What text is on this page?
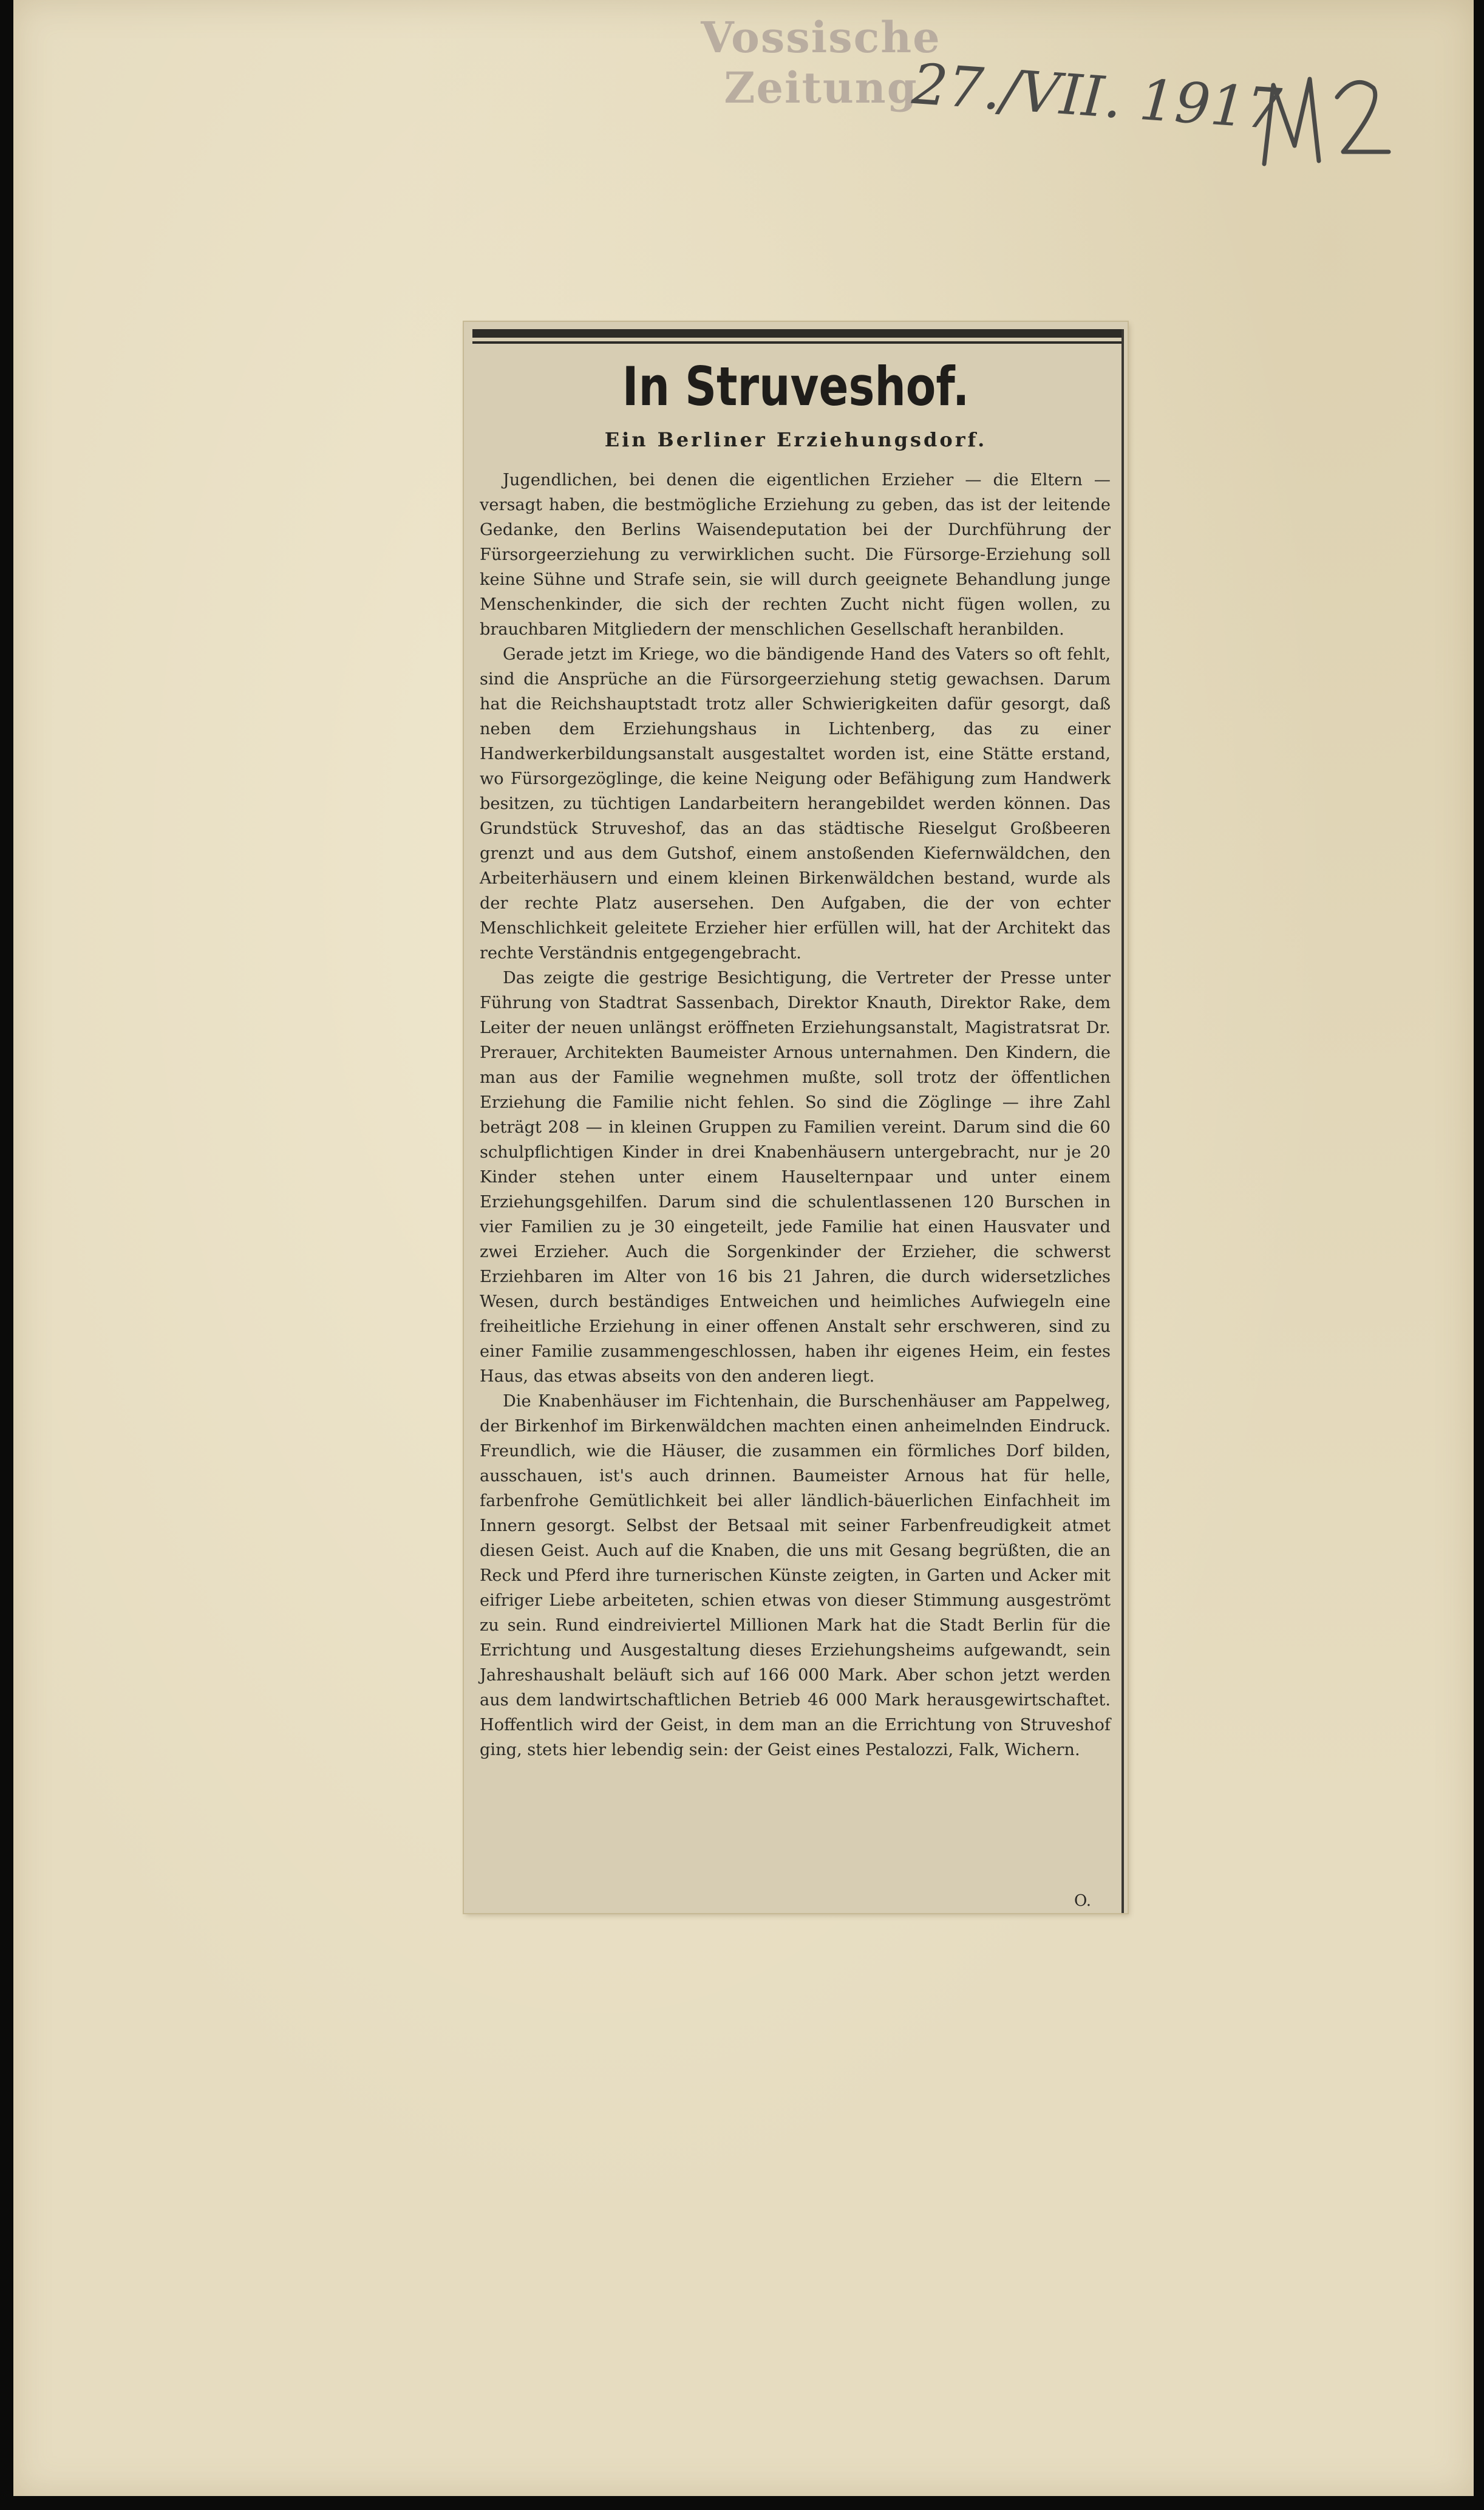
Vossische Zeitung
27./VII. 1917
In Struveshof.
Ein Berliner Erziehungsdorf.

Jugendlichen, bei denen die eigentlichen Erzieher — die Eltern — versagt haben, die bestmögliche Erziehung zu geben, das ist der leitende Gedanke, den Berlins Waisendeputation bei der Durchführung der Fürsorgeerziehung zu verwirklichen sucht. Die Fürsorge-Erziehung soll keine Sühne und Strafe sein, sie will durch geeignete Behandlung junge Menschenkinder, die sich der rechten Zucht nicht fügen wollen, zu brauchbaren Mitgliedern der menschlichen Gesellschaft heranbilden.

Gerade jetzt im Kriege, wo die bändigende Hand des Vaters so oft fehlt, sind die Ansprüche an die Fürsorgeerziehung stetig gewachsen. Darum hat die Reichshauptstadt trotz aller Schwierigkeiten dafür gesorgt, daß neben dem Erziehungshaus in Lichtenberg, das zu einer Handwerkerbildungsanstalt ausgestaltet worden ist, eine Stätte erstand, wo Fürsorgezöglinge, die keine Neigung oder Befähigung zum Handwerk besitzen, zu tüchtigen Landarbeitern herangebildet werden können. Das Grundstück Struveshof, das an das städtische Rieselgut Großbeeren grenzt und aus dem Gutshof, einem anstoßenden Kiefernwäldchen, den Arbeiterhäusern und einem kleinen Birkenwäldchen bestand, wurde als der rechte Platz ausersehen. Den Aufgaben, die der von echter Menschlichkeit geleitete Erzieher hier erfüllen will, hat der Architekt das rechte Verständnis entgegengebracht.

Das zeigte die gestrige Besichtigung, die Vertreter der Presse unter Führung von Stadtrat Sassenbach, Direktor Knauth, Direktor Rake, dem Leiter der neuen unlängst eröffneten Erziehungsanstalt, Magistratsrat Dr. Prerauer, Architekten Baumeister Arnous unternahmen. Den Kindern, die man aus der Familie wegnehmen mußte, soll trotz der öffentlichen Erziehung die Familie nicht fehlen. So sind die Zöglinge — ihre Zahl beträgt 208 — in kleinen Gruppen zu Familien vereint. Darum sind die 60 schulpflichtigen Kinder in drei Knabenhäusern untergebracht, nur je 20 Kinder stehen unter einem Hauselternpaar und unter einem Erziehungsgehilfen. Darum sind die schulentlassenen 120 Burschen in vier Familien zu je 30 eingeteilt, jede Familie hat einen Hausvater und zwei Erzieher. Auch die Sorgenkinder der Erzieher, die schwerst Erziehbaren im Alter von 16 bis 21 Jahren, die durch widersetzliches Wesen, durch beständiges Entweichen und heimliches Aufwiegeln eine freiheitliche Erziehung in einer offenen Anstalt sehr erschweren, sind zu einer Familie zusammengeschlossen, haben ihr eigenes Heim, ein festes Haus, das etwas abseits von den anderen liegt.

Die Knabenhäuser im Fichtenhain, die Burschenhäuser am Pappelweg, der Birkenhof im Birkenwäldchen machten einen anheimelnden Eindruck. Freundlich, wie die Häuser, die zusammen ein förmliches Dorf bilden, ausschauen, ist's auch drinnen. Baumeister Arnous hat für helle, farbenfrohe Gemütlichkeit bei aller ländlich-bäuerlichen Einfachheit im Innern gesorgt. Selbst der Betsaal mit seiner Farbenfreudigkeit atmet diesen Geist. Auch auf die Knaben, die uns mit Gesang begrüßten, die an Reck und Pferd ihre turnerischen Künste zeigten, in Garten und Acker mit eifriger Liebe arbeiteten, schien etwas von dieser Stimmung ausgeströmt zu sein. Rund eindreiviertel Millionen Mark hat die Stadt Berlin für die Errichtung und Ausgestaltung dieses Erziehungsheims aufgewandt, sein Jahreshaushalt beläuft sich auf 166 000 Mark. Aber schon jetzt werden aus dem landwirtschaftlichen Betrieb 46 000 Mark herausgewirtschaftet. Hoffentlich wird der Geist, in dem man an die Errichtung von Struveshof ging, stets hier lebendig sein: der Geist eines Pestalozzi, Falk, Wichern.

O.
